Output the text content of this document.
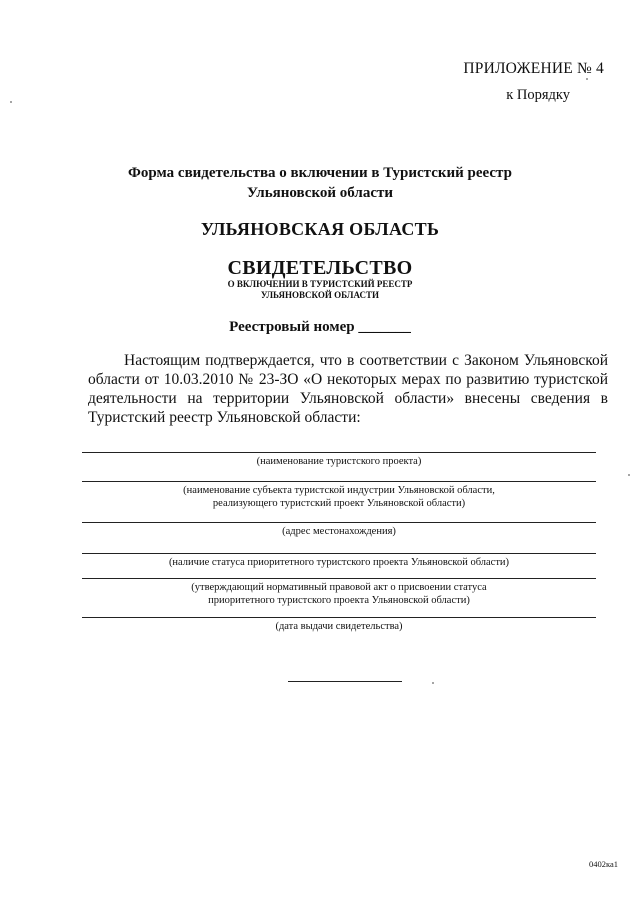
ПРИЛОЖЕНИЕ № 4
к Порядку
Форма свидетельства о включении в Туристский реестр
Ульяновской области
УЛЬЯНОВСКАЯ ОБЛАСТЬ
СВИДЕТЕЛЬСТВО
О ВКЛЮЧЕНИИ В ТУРИСТСКИЙ РЕЕСТР
УЛЬЯНОВСКОЙ ОБЛАСТИ
Реестровый номер _______
Настоящим подтверждается, что в соответствии с Законом Ульяновской области от 10.03.2010 № 23-ЗО «О некоторых мерах по развитию туристской деятельности на территории Ульяновской области» внесены сведения в Туристский реестр Ульяновской области:
(наименование туристского проекта)
(наименование субъекта туристской индустрии Ульяновской области,
реализующего туристский проект Ульяновской области)
(адрес местонахождения)
(наличие статуса приоритетного туристского проекта Ульяновской области)
(утверждающий нормативный правовой акт о присвоении статуса
приоритетного туристского проекта Ульяновской области)
(дата выдачи свидетельства)
0402ка1
